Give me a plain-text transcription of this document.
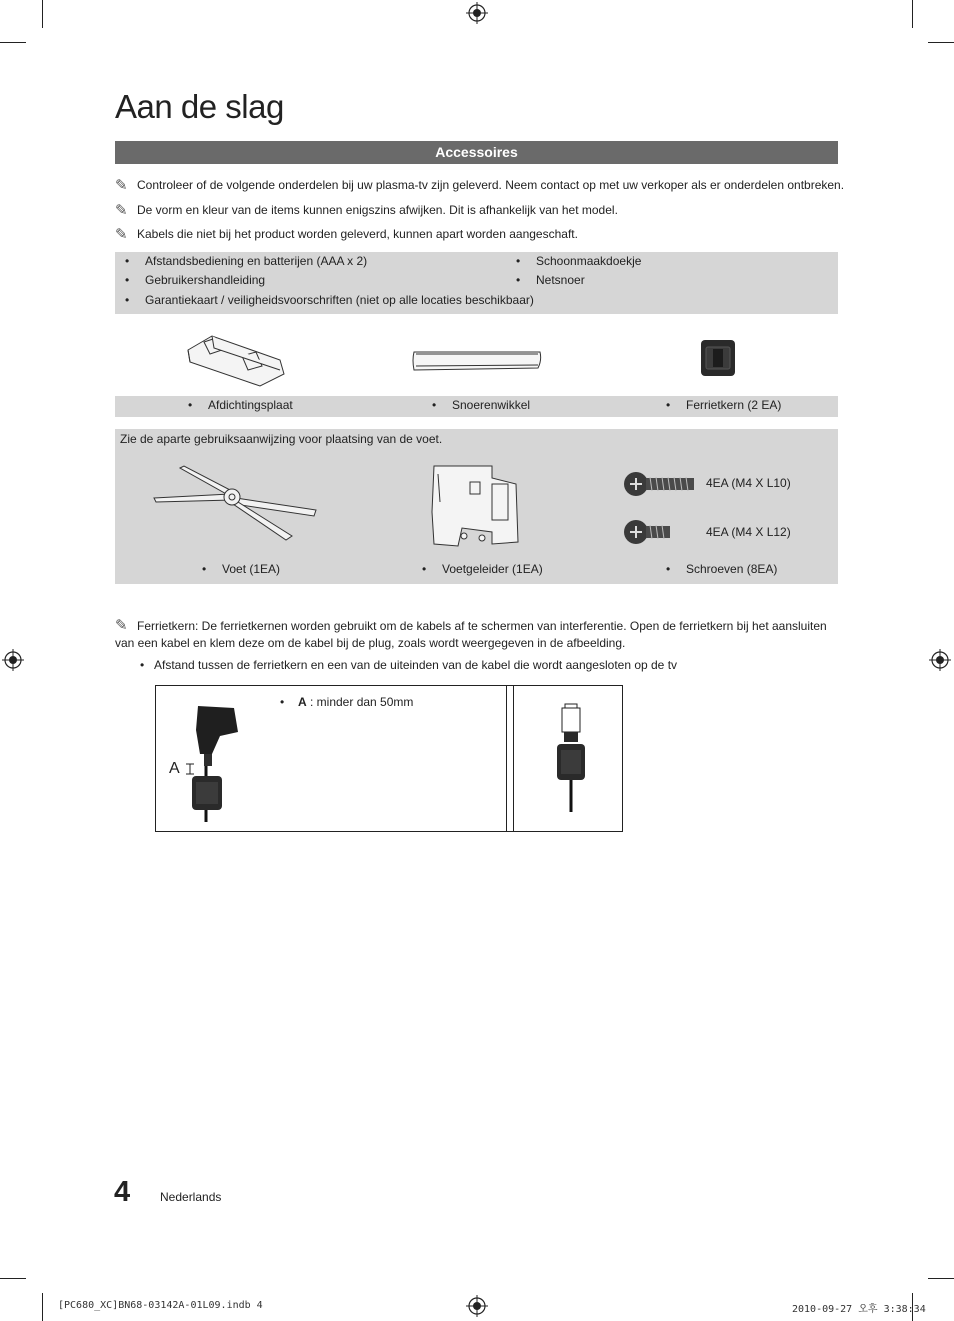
Aan de slag
Accessoires
✎ Controleer of de volgende onderdelen bij uw plasma-tv zijn geleverd. Neem contact op met uw verkoper als er onderdelen ontbreken.
✎ De vorm en kleur van de items kunnen enigszins afwijken. Dit is afhankelijk van het model.
✎ Kabels die niet bij het product worden geleverd, kunnen apart worden aangeschaft.
• Afstandsbediening en batterijen (AAA x 2)
• Gebruikershandleiding
• Garantiekaart / veiligheidsvoorschriften (niet op alle locaties beschikbaar)
• Schoonmaakdoekje
• Netsnoer
• Afdichtingsplaat	• Snoerenwikkel	• Ferrietkern (2 EA)
Zie de aparte gebruiksaanwijzing voor plaatsing van de voet.
4EA (M4 X L10)
4EA (M4 X L12)
• Voet (1EA)	• Voetgeleider (1EA)	• Schroeven (8EA)
✎ Ferrietkern: De ferrietkernen worden gebruikt om de kabels af te schermen van interferentie. Open de ferrietkern bij het aansluiten van een kabel en klem deze om de kabel bij de plug, zoals wordt weergegeven in de afbeelding.
• Afstand tussen de ferrietkern en een van de uiteinden van de kabel die wordt aangesloten op de tv
• A : minder dan 50mm
A
4 Nederlands
[PC680_XC]BN68-03142A-01L09.indb 4	2010-09-27 오후 3:38:34
